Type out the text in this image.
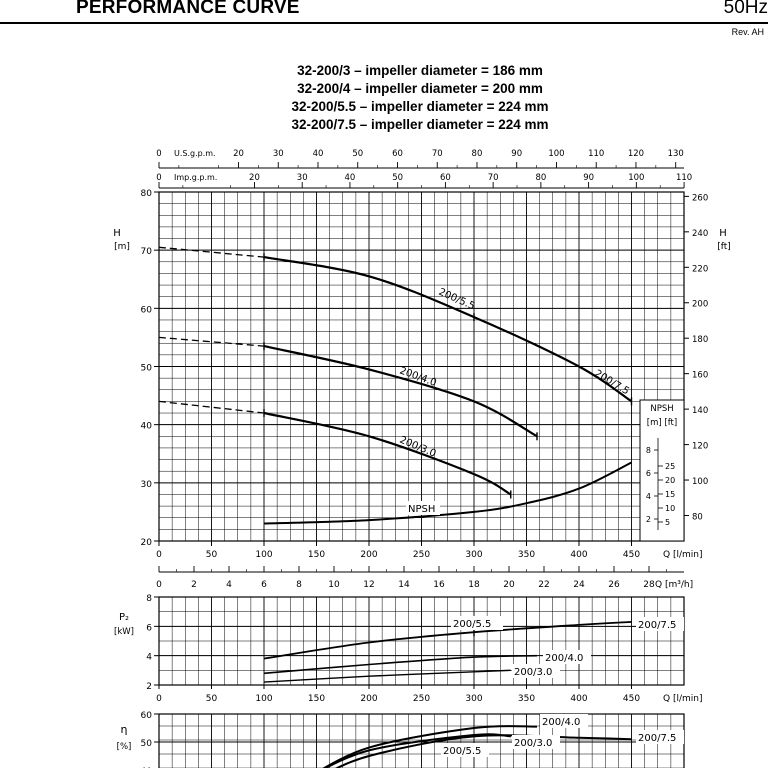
PERFORMANCE CURVE	50Hz
Rev. AH
32-200/3 – impeller diameter = 186 mm
32-200/4 – impeller diameter = 200 mm
32-200/5.5 – impeller diameter = 224 mm
32-200/7.5 – impeller diameter = 224 mm
NPSH
[m] [ft]
2
4
6
8
5
10
15
20
25
0	20	30	40	50	60	70	80	90	100	110	120	130
U.S.g.p.m.
0	20	30	40	50	60	70	80	90	100	110
Imp.g.p.m.
20
30
40
50
60
70
80
H
[m]
80
100
120
140
160
180
200
220
240
260
H
[ft]
0	50	100	150	200	250	300	350	400	450	Q [l/min]
0	2	4	6	8	10	12	14	16	18	20	22	24	26	28 Q [m³/h]
2
4
6
8
P₂
[kW]
0	50	100	150	200	250	300	350	400	450	Q [l/min]
50
60
η
[%]
200/5.5
200/7.5
200/4.0
200/3.0
NPSH
200/5.5	200/7.5
200/4.0
200/3.0
200/4.0
200/7.5
200/3.0
200/5.5
